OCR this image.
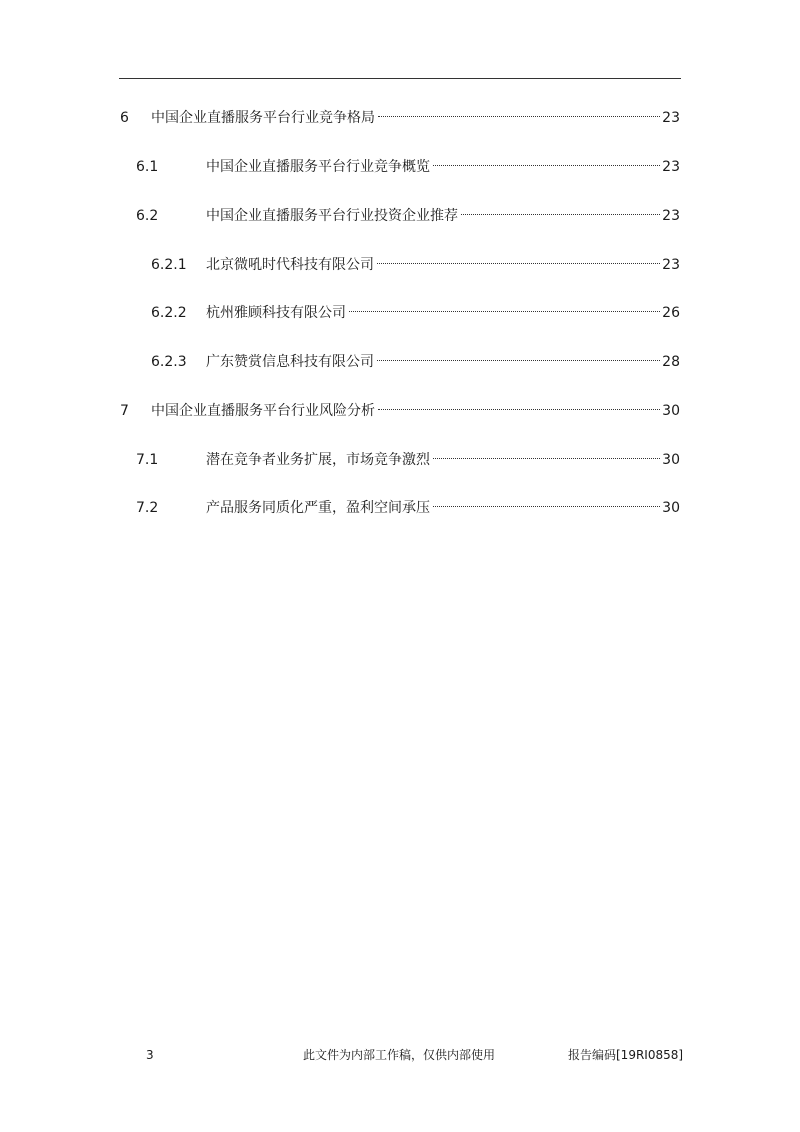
6 中国企业直播服务平台行业竞争格局	23
6.1	中国企业直播服务平台行业竞争概览	23
6.2	中国企业直播服务平台行业投资企业推荐	23
6.2.1 北京微吼时代科技有限公司	23
6.2.2 杭州雅顾科技有限公司	26
6.2.3 广东赞赏信息科技有限公司	28
7 中国企业直播服务平台行业风险分析	30
7.1	潜在竞争者业务扩展，市场竞争激烈	30
7.2	产品服务同质化严重，盈利空间承压	30
3	此文件为内部工作稿，仅供内部使用	报告编码[19RI0858]
